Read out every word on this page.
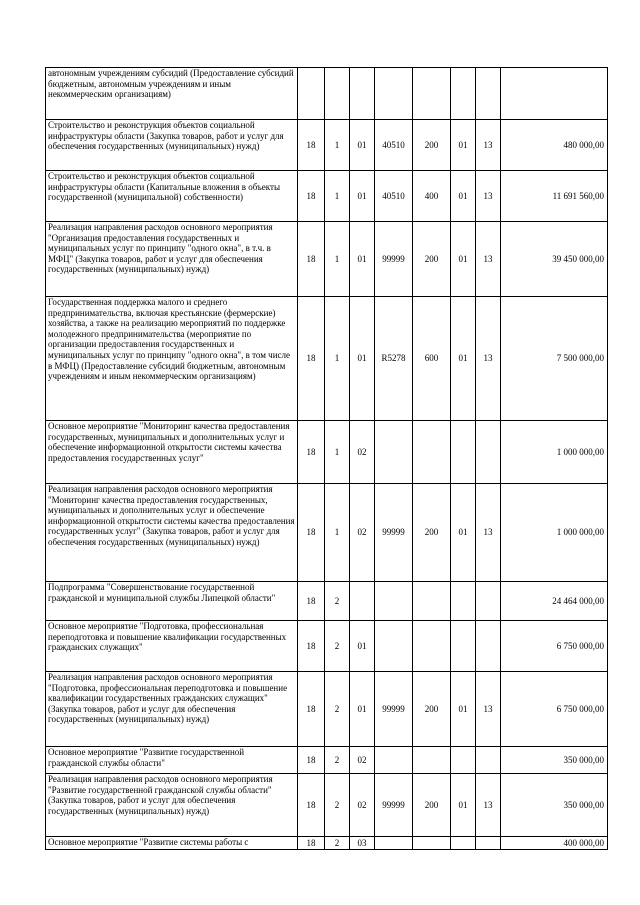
автономным учреждениям субсидий (Предоставление субсидий бюджетным, автономным учреждениям и иным некоммерческим организациям)								
Строительство и реконструкция объектов социальной инфраструктуры области (Закупка товаров, работ и услуг для обеспечения государственных (муниципальных) нужд)	18	1	01	40510	200	01	13	480 000,00
Строительство и реконструкция объектов социальной инфраструктуры области (Капитальные вложения в объекты государственной (муниципальной) собственности)	18	1	01	40510	400	01	13	11 691 560,00
Реализация направления расходов основного мероприятия "Организация предоставления государственных и муниципальных услуг по принципу "одного окна", в т.ч. в МФЦ" (Закупка товаров, работ и услуг для обеспечения государственных (муниципальных) нужд)	18	1	01	99999	200	01	13	39 450 000,00
Государственная поддержка малого и среднего предпринимательства, включая крестьянские (фермерские) хозяйства, а также на реализацию мероприятий по поддержке молодежного предпринимательства (мероприятие по организации предоставления государственных и муниципальных услуг по принципу "одного окна", в том числе в МФЦ) (Предоставление субсидий бюджетным, автономным учреждениям и иным некоммерческим организациям)	18	1	01	R5278	600	01	13	7 500 000,00
Основное мероприятие "Мониторинг качества предоставления государственных, муниципальных и дополнительных услуг и обеспечение информационной открытости системы качества предоставления государственных услуг"	18	1	02					1 000 000,00
Реализация направления расходов основного мероприятия "Мониторинг качества предоставления государственных, муниципальных и дополнительных услуг и обеспечение информационной открытости системы качества предоставления государственных услуг" (Закупка товаров, работ и услуг для обеспечения государственных (муниципальных) нужд)	18	1	02	99999	200	01	13	1 000 000,00
Подпрограмма "Совершенствование государственной гражданской и муниципальной службы Липецкой области"	18	2						24 464 000,00
Основное мероприятие "Подготовка, профессиональная переподготовка и повышение квалификации государственных гражданских служащих"	18	2	01					6 750 000,00
Реализация направления расходов основного мероприятия "Подготовка, профессиональная переподготовка и повышение квалификации государственных гражданских служащих" (Закупка товаров, работ и услуг для обеспечения государственных (муниципальных) нужд)	18	2	01	99999	200	01	13	6 750 000,00
Основное мероприятие "Развитие государственной гражданской службы области"	18	2	02					350 000,00
Реализация направления расходов основного мероприятия "Развитие государственной гражданской службы области" (Закупка товаров, работ и услуг для обеспечения государственных (муниципальных) нужд)	18	2	02	99999	200	01	13	350 000,00
Основное мероприятие "Развитие системы работы с	18	2	03					400 000,00
